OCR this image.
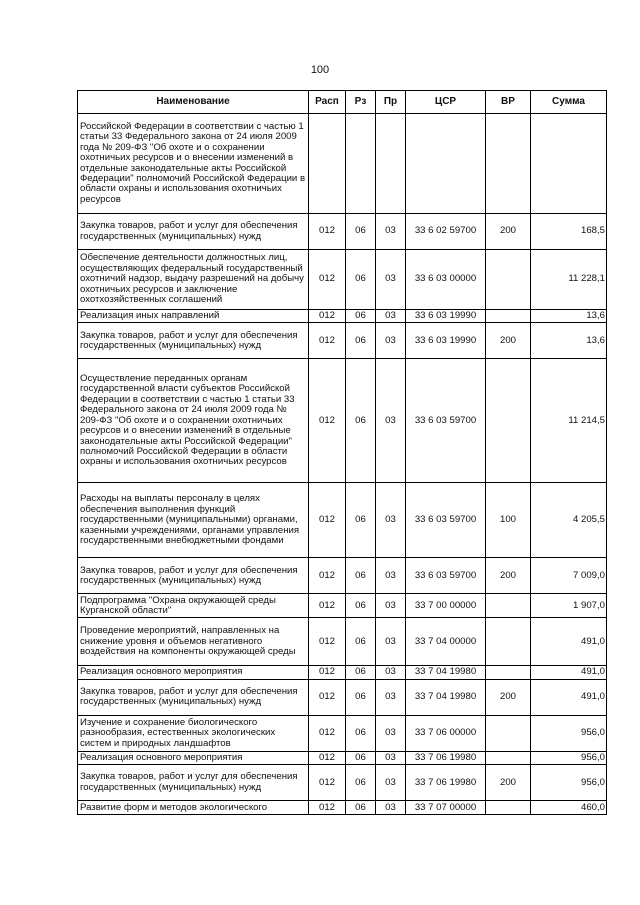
100
Наименование	Расп	Рз	Пр	ЦСР	ВР	Сумма
Российской Федерации в соответствии с частью 1 статьи 33 Федерального закона от 24 июля 2009 года № 209-ФЗ "Об охоте и о сохранении охотничьих ресурсов и о внесении изменений в отдельные законодательные акты Российской Федерации" полномочий Российской Федерации в области охраны и использования охотничьих ресурсов						
Закупка товаров, работ и услуг для обеспечения государственных (муниципальных) нужд	012	06	03	33 6 02 59700	200	168,5
Обеспечение деятельности должностных лиц, осуществляющих федеральный государственный охотничий надзор, выдачу разрешений на добычу охотничьих ресурсов и заключение охотхозяйственных соглашений	012	06	03	33 6 03 00000		11 228,1
Реализация иных направлений	012	06	03	33 6 03 19990		13,6
Закупка товаров, работ и услуг для обеспечения государственных (муниципальных) нужд	012	06	03	33 6 03 19990	200	13,6
Осуществление переданных органам государственной власти субъектов Российской Федерации в соответствии с частью 1 статьи 33 Федерального закона от 24 июля 2009 года № 209-ФЗ "Об охоте и о сохранении охотничьих ресурсов и о внесении изменений в отдельные законодательные акты Российской Федерации" полномочий Российской Федерации в области охраны и использования охотничьих ресурсов	012	06	03	33 6 03 59700		11 214,5
Расходы на выплаты персоналу в целях обеспечения выполнения функций государственными (муниципальными) органами, казенными учреждениями, органами управления государственными внебюджетными фондами	012	06	03	33 6 03 59700	100	4 205,5
Закупка товаров, работ и услуг для обеспечения государственных (муниципальных) нужд	012	06	03	33 6 03 59700	200	7 009,0
Подпрограмма "Охрана окружающей среды Курганской области"	012	06	03	33 7 00 00000		1 907,0
Проведение мероприятий, направленных на снижение уровня и объемов негативного воздействия на компоненты окружающей среды	012	06	03	33 7 04 00000		491,0
Реализация основного мероприятия	012	06	03	33 7 04 19980		491,0
Закупка товаров, работ и услуг для обеспечения государственных (муниципальных) нужд	012	06	03	33 7 04 19980	200	491,0
Изучение и сохранение биологического разнообразия, естественных экологических систем и природных ландшафтов	012	06	03	33 7 06 00000		956,0
Реализация основного мероприятия	012	06	03	33 7 06 19980		956,0
Закупка товаров, работ и услуг для обеспечения государственных (муниципальных) нужд	012	06	03	33 7 06 19980	200	956,0
Развитие форм и методов экологического	012	06	03	33 7 07 00000		460,0
